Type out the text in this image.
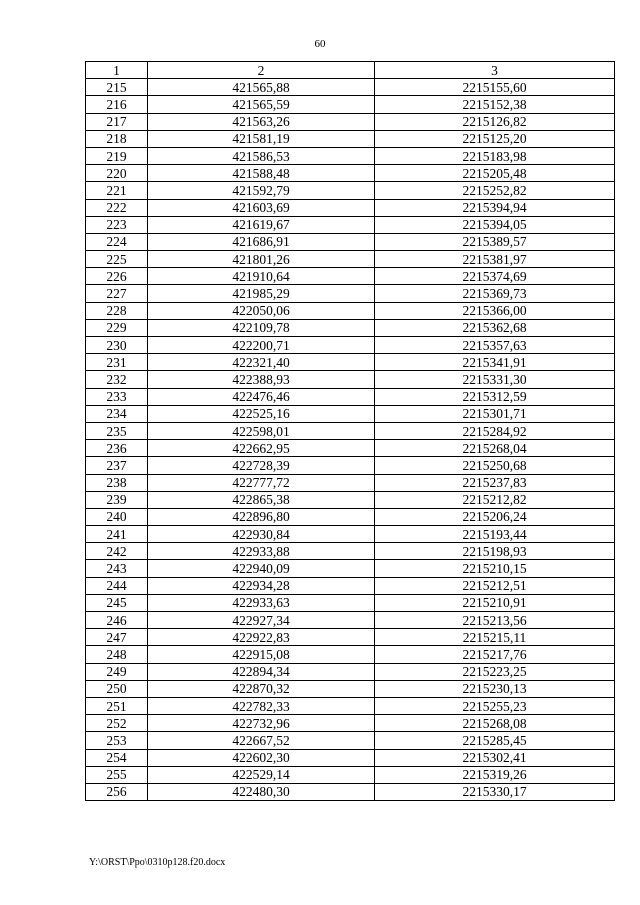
60
1	2	3
215	421565,88	2215155,60
216	421565,59	2215152,38
217	421563,26	2215126,82
218	421581,19	2215125,20
219	421586,53	2215183,98
220	421588,48	2215205,48
221	421592,79	2215252,82
222	421603,69	2215394,94
223	421619,67	2215394,05
224	421686,91	2215389,57
225	421801,26	2215381,97
226	421910,64	2215374,69
227	421985,29	2215369,73
228	422050,06	2215366,00
229	422109,78	2215362,68
230	422200,71	2215357,63
231	422321,40	2215341,91
232	422388,93	2215331,30
233	422476,46	2215312,59
234	422525,16	2215301,71
235	422598,01	2215284,92
236	422662,95	2215268,04
237	422728,39	2215250,68
238	422777,72	2215237,83
239	422865,38	2215212,82
240	422896,80	2215206,24
241	422930,84	2215193,44
242	422933,88	2215198,93
243	422940,09	2215210,15
244	422934,28	2215212,51
245	422933,63	2215210,91
246	422927,34	2215213,56
247	422922,83	2215215,11
248	422915,08	2215217,76
249	422894,34	2215223,25
250	422870,32	2215230,13
251	422782,33	2215255,23
252	422732,96	2215268,08
253	422667,52	2215285,45
254	422602,30	2215302,41
255	422529,14	2215319,26
256	422480,30	2215330,17
Y:\ORST\Ppo\0310p128.f20.docx
